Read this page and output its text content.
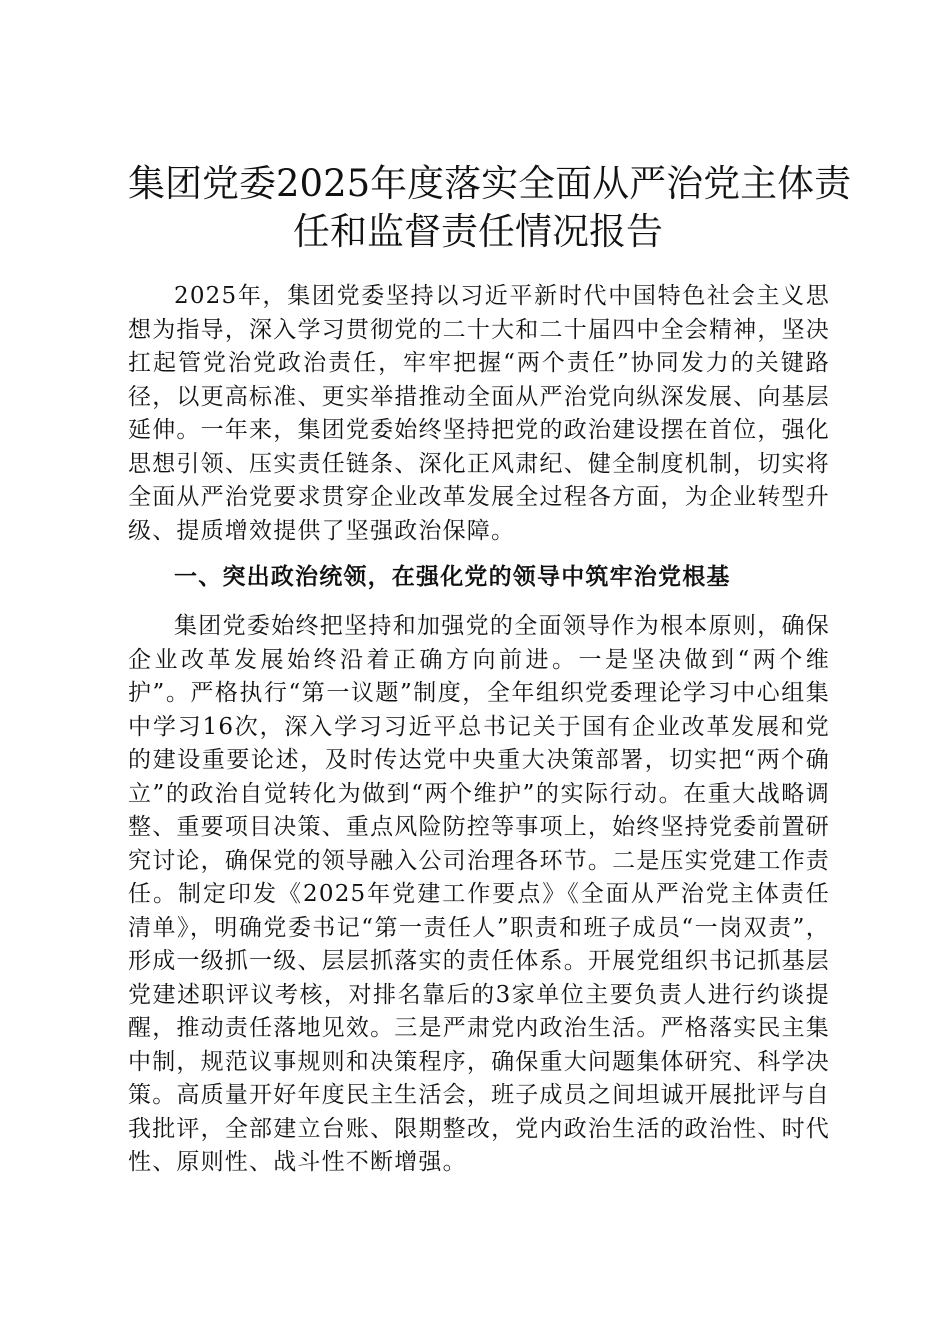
集团党委2025年度落实全面从严治党主体责
任和监督责任情况报告

2025年，集团党委坚持以习近平新时代中国特色社会主义思想为指导，深入学习贯彻党的二十大和二十届四中全会精神，坚决扛起管党治党政治责任，牢牢把握“两个责任”协同发力的关键路径，以更高标准、更实举措推动全面从严治党向纵深发展、向基层延伸。一年来，集团党委始终坚持把党的政治建设摆在首位，强化思想引领、压实责任链条、深化正风肃纪、健全制度机制，切实将全面从严治党要求贯穿企业改革发展全过程各方面，为企业转型升级、提质增效提供了坚强政治保障。

一、突出政治统领，在强化党的领导中筑牢治党根基

集团党委始终把坚持和加强党的全面领导作为根本原则，确保企业改革发展始终沿着正确方向前进。一是坚决做到“两个维护”。严格执行“第一议题”制度，全年组织党委理论学习中心组集中学习16次，深入学习习近平总书记关于国有企业改革发展和党的建设重要论述，及时传达党中央重大决策部署，切实把“两个确立”的政治自觉转化为做到“两个维护”的实际行动。在重大战略调整、重要项目决策、重点风险防控等事项上，始终坚持党委前置研究讨论，确保党的领导融入公司治理各环节。二是压实党建工作责任。制定印发《2025年党建工作要点》《全面从严治党主体责任清单》，明确党委书记“第一责任人”职责和班子成员“一岗双责”，形成一级抓一级、层层抓落实的责任体系。开展党组织书记抓基层党建述职评议考核，对排名靠后的3家单位主要负责人进行约谈提醒，推动责任落地见效。三是严肃党内政治生活。严格落实民主集中制，规范议事规则和决策程序，确保重大问题集体研究、科学决策。高质量开好年度民主生活会，班子成员之间坦诚开展批评与自我批评，全部建立台账、限期整改，党内政治生活的政治性、时代性、原则性、战斗性不断增强。
